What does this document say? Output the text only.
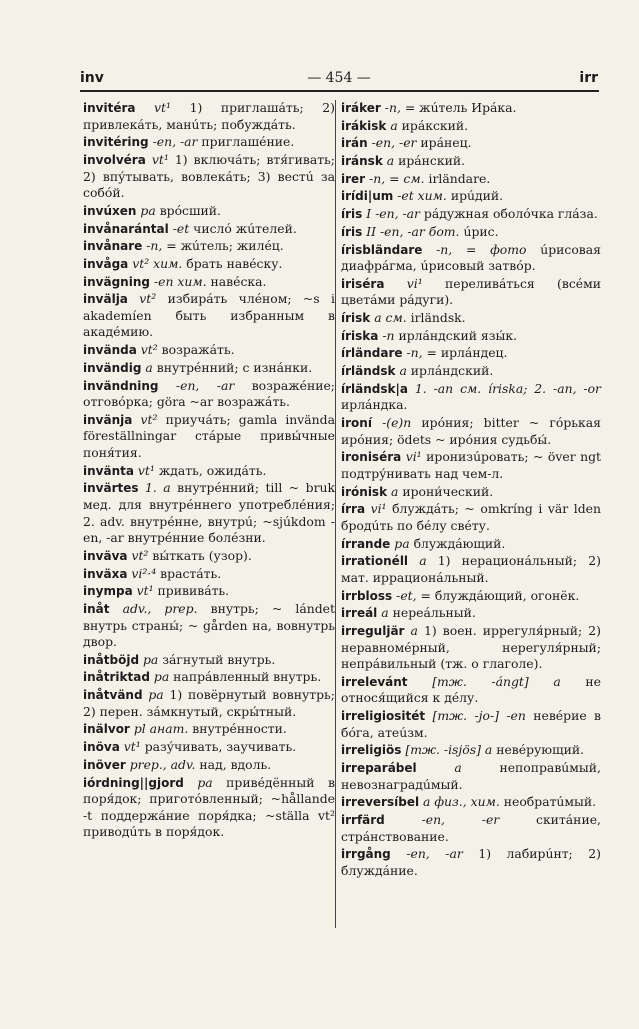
inv	— 454 —	irr

invitéra vt¹ 1) приглашáть; 2) привлекáть, манúть; побуждáть.

invitéring -en, -ar приглашéние.

involvéra vt¹ 1) включáть; втя́гивать; 2) впу́тывать, вовлекáть; 3) вестú за собóй.

invúxen pa врóсший.

invånarántal -et числó жúтелей.

invånare -n, = жúтель; жилéц.

invåga vt² хим. брать навéску.

invägning -en хим. навéска.

invälja vt² избирáть члéном; ~s i akademíen быть избранным в акадéмию.

invända vt² возражáть.

invändig a внутрéнний; с изнáнки.

invändning -en, -ar возражéние; отговóрка; göra ~ar возражáть.

invänja vt² приучáть; gamla invända föreställningar стáрые привы́чные поня́тия.

invänta vt¹ ждать, ожидáть.

invärtes 1. a внутрéнний; till ~ bruk мед. для внутрéннего употреблéния; 2. adv. внутрéнне, внутрú; ~sjúkdom -en, -ar внутрéнние болéзни.

inväva vt² вы́ткать (узор).

inväxa vi²·⁴ врастáть.

inympa vt¹ прививáть.

inåt adv., prep. внутрь; ~ lándet внутрь страны́; ~ gården на, вовнутрь двор.

inåtböjd pa зáгнутый внутрь.

inåtriktad pa напрáвленный внутрь.

inåtvänd pa 1) повёрнутый вовнутрь; 2) перен. зáмкнутый, скры́тный.

inälvor pl анат. внутрéнности.

inöva vt¹ разу́чивать, заучивать.

inöver prep., adv. над, вдоль.

iórdning||gjord pa привéдённый в поря́док; приготóвленный; ~hållande -t поддержáние поря́дка; ~ställa vt² приводúть в поря́док.

iráker -n, = жúтель Ирáка.

irákisk a ирáкский.

irán -en, -er ирáнец.

iránsk a ирáнский.

irer -n, = см. irländare.

irídi|um -et хим. ирúдий.

íris I -en, -ar рáдужная оболóчка глáза.

íris II -en, -ar бот. úрис.

írisbländare -n, = фото úрисовая диафрáгма, úрисовый затвóр.

iriséra vi¹ переливáться (всéми цветáми рáдуги).

írisk a см. irländsk.

íriska -n ирлáндский язы́к.

írländare -n, = ирлáндец.

írländsk a ирлáндский.

írländsk|a 1. -an см. íriska; 2. -an, -or ирлáндка.

ironí -(e)n ирóния; bitter ~ гóрькая ирóния; ödets ~ ирóния судьбы́.

ironiséra vi¹ иронизúровать; ~ över ngt подтру́нивать над чем-л.

irónisk a ирони́ческий.

írra vi¹ блуждáть; ~ omkríng i vär lden бродúть по бéлу свéту.

írrande pa блуждáющий.

irrationéll a 1) нерационáльный; 2) мат. иррационáльный.

irrbloss -et, = блуждáющий, огонёк.

irreál a нереáльный.

irreguljär a 1) воен. иррегуля́рный; 2) неравномéрный, нерегуля́рный; непрáвильный (тж. о глаголе).

irrelevánt [тж. -ángt] a не относя́щийся к дéлу.

irreligiositét [тж. -jo-] -en невéрие в бóга, атеúзм.

irreligiös [тж. -isjös] a невéрующий.

irreparábel	a	непопрaвúмый, невознаградúмый.

irreversíbel a физ., хим. необратúмый.

irrfärd	-en, -er	скитáние, стрáнствование.

irrgång -en, -ar 1) лабирúнт; 2) блуждáние.
